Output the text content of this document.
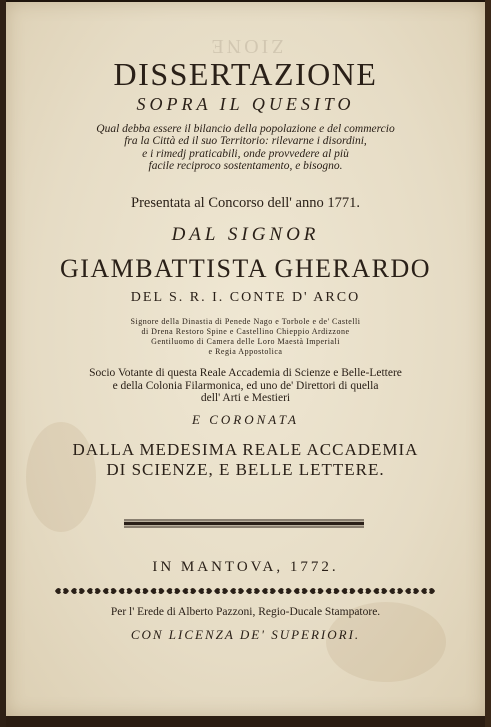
ZIONE
DISSERTAZIONE
SOPRA IL QUESITO
Qual debba essere il bilancio della popolazione e del commercio
fra la Città ed il suo Territorio: rilevarne i disordini,
e i rimedj praticabili, onde provvedere al più
facile reciproco sostentamento, e bisogno.
Presentata al Concorso dell' anno 1771.
DAL SIGNOR
GIAMBATTISTA GHERARDO
DEL S. R. I. CONTE D' ARCO
Signore della Dinastia di Penede Nago e Torbole e de' Castelli
di Drena Restoro Spine e Castellino Chieppio Ardizzone
Gentiluomo di Camera delle Loro Maestà Imperiali
e Regia Appostolica
Socio Votante di questa Reale Accademia di Scienze e Belle-Lettere
e della Colonia Filarmonica, ed uno de' Direttori di quella
dell' Arti e Mestieri
E CORONATA
DALLA MEDESIMA REALE ACCADEMIA
DI SCIENZE, E BELLE LETTERE.
IN MANTOVA, 1772.
Per l' Erede di Alberto Pazzoni, Regio-Ducale Stampatore.
CON LICENZA DE' SUPERIORI.
